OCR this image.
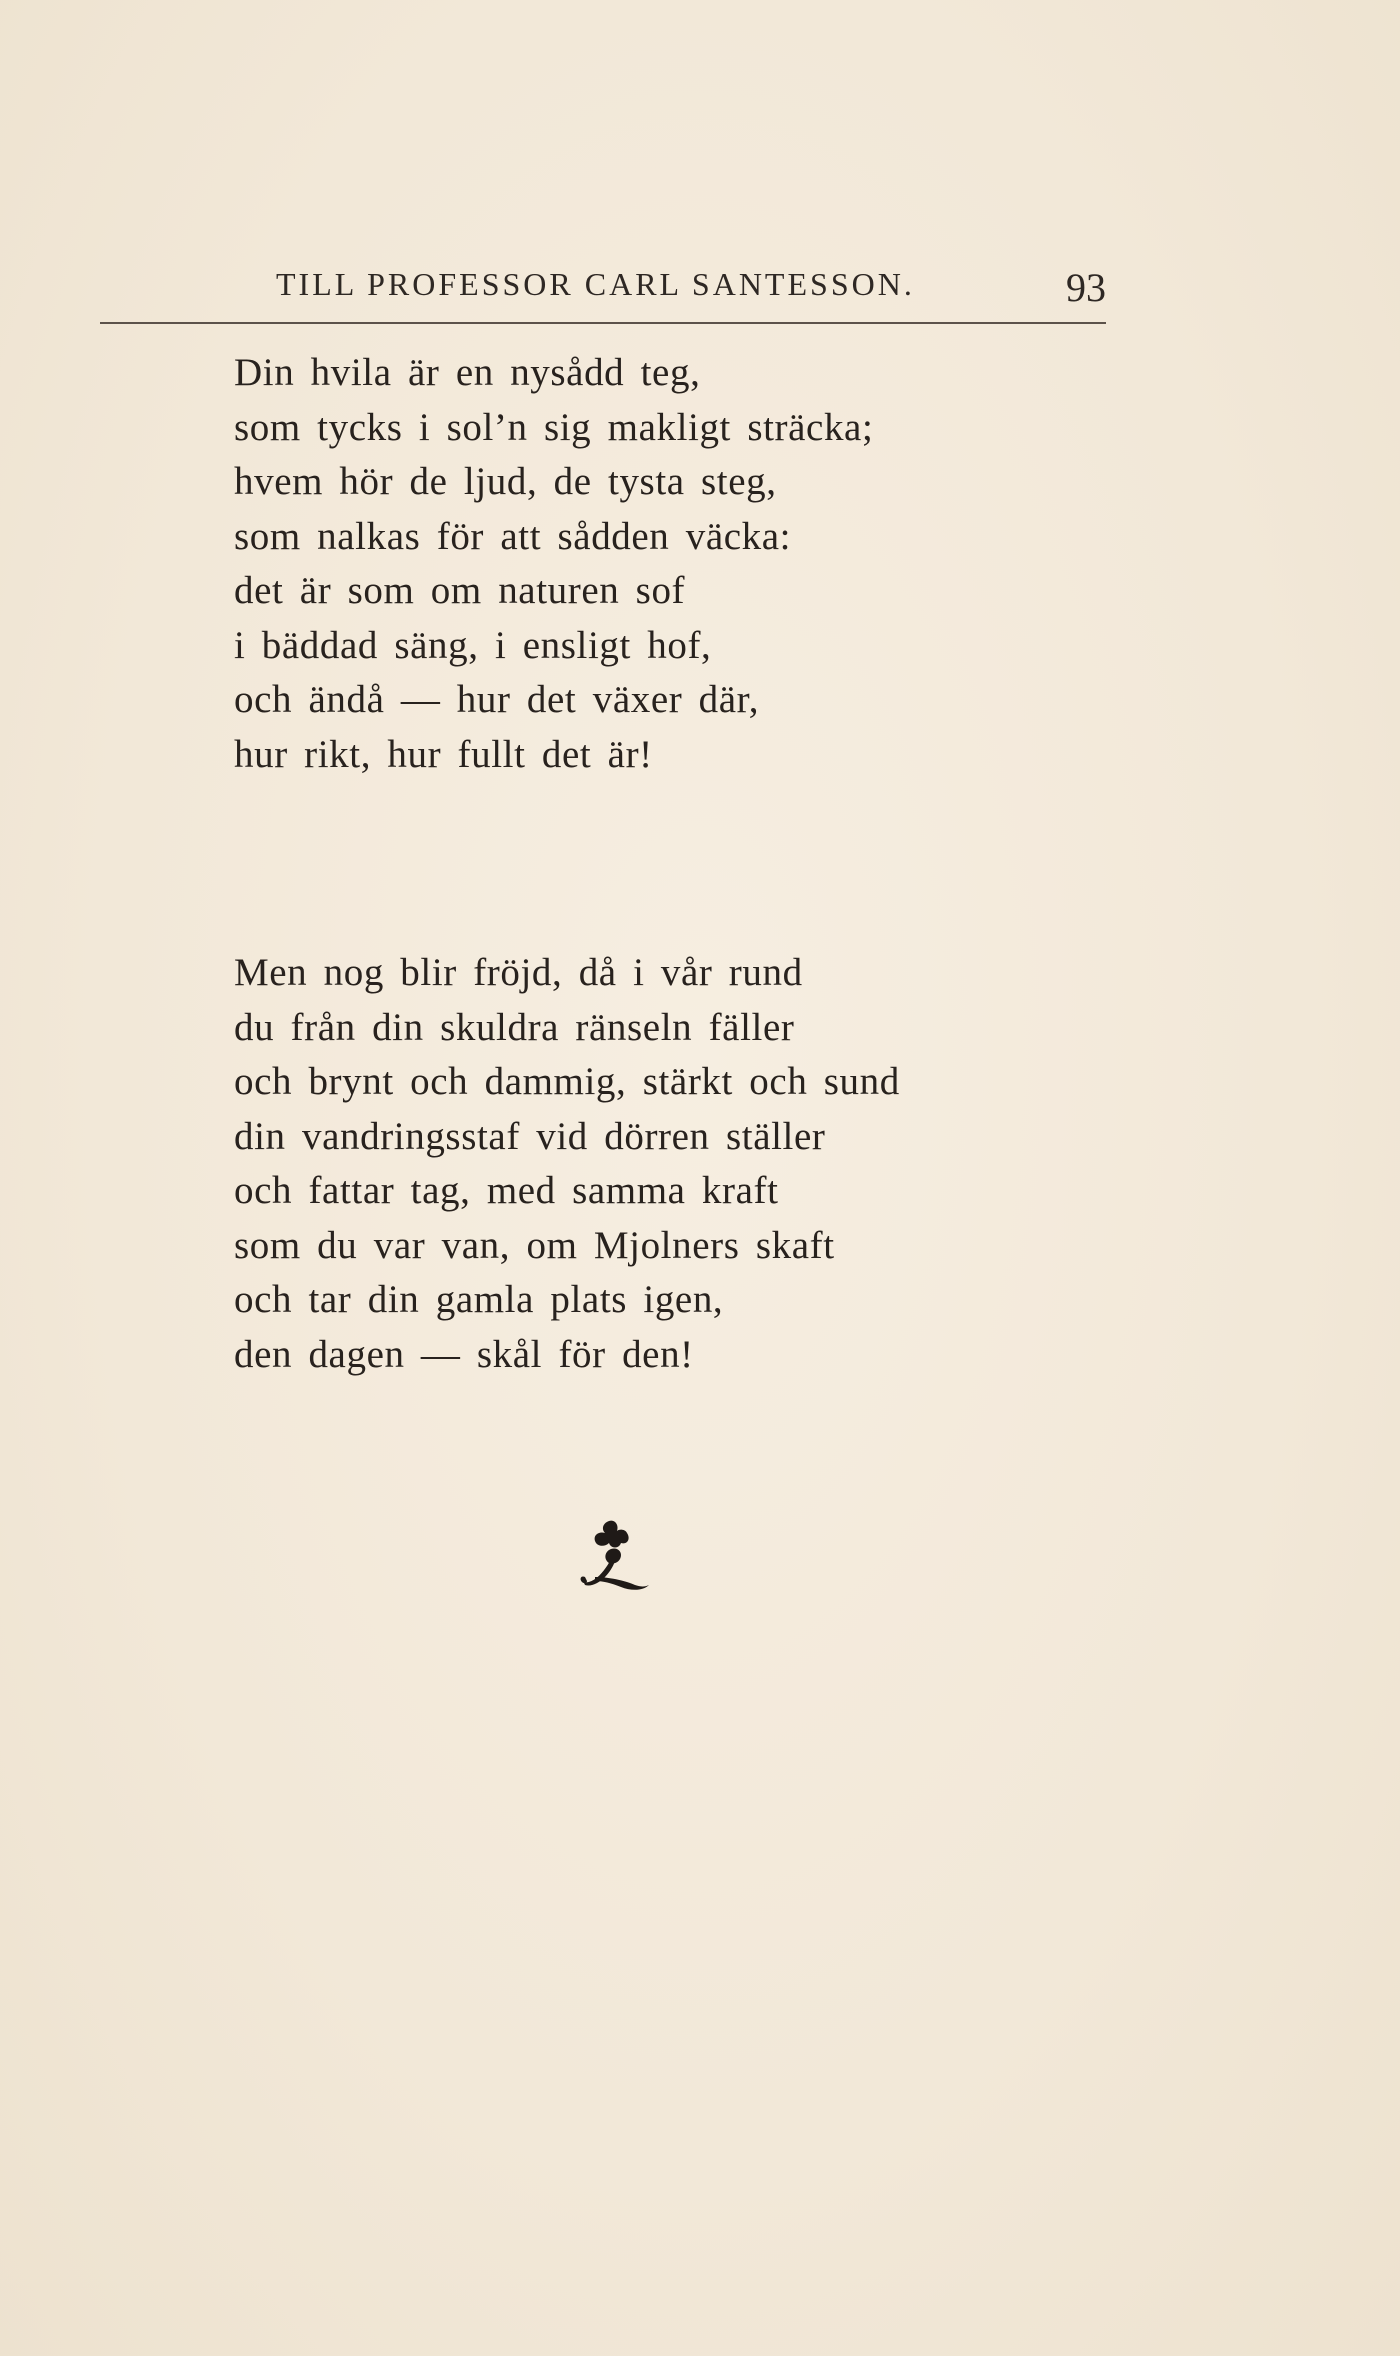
TILL PROFESSOR CARL SANTESSON.	93
Din hvila är en nysådd teg,
som tycks i sol’n sig makligt sträcka;
hvem hör de ljud, de tysta steg,
som nalkas för att sådden väcka:
det är som om naturen sof
i bäddad säng, i ensligt hof,
och ändå — hur det växer där,
hur rikt, hur fullt det är!
Men nog blir fröjd, då i vår rund
du från din skuldra ränseln fäller
och brynt och dammig, stärkt och sund
din vandringsstaf vid dörren ställer
och fattar tag, med samma kraft
som du var van, om Mjolners skaft
och tar din gamla plats igen,
den dagen — skål för den!
